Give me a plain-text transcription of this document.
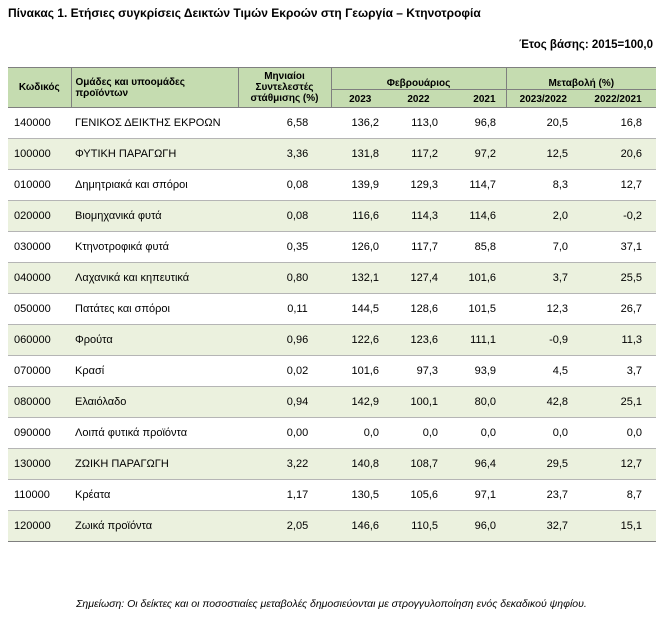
Πίνακας 1. Ετήσιες συγκρίσεις Δεικτών Τιμών Εκροών στη Γεωργία – Κτηνοτροφία
Έτος βάσης: 2015=100,0
Κωδικός	Ομάδες και υποομάδες προϊόντων	Μηνιαίοι Συντελεστές στάθμισης (%)	Φεβρουάριος			Μεταβολή (%)	
			2023	2022	2021	2023/2022	2022/2021
140000	ΓΕΝΙΚΟΣ ΔΕΙΚΤΗΣ ΕΚΡΟΩΝ	6,58	136,2	113,0	96,8	20,5	16,8
100000	ΦΥΤΙΚΗ ΠΑΡΑΓΩΓΗ	3,36	131,8	117,2	97,2	12,5	20,6
010000	Δημητριακά και σπόροι	0,08	139,9	129,3	114,7	8,3	12,7
020000	Βιομηχανικά φυτά	0,08	116,6	114,3	114,6	2,0	-0,2
030000	Κτηνοτροφικά φυτά	0,35	126,0	117,7	85,8	7,0	37,1
040000	Λαχανικά και κηπευτικά	0,80	132,1	127,4	101,6	3,7	25,5
050000	Πατάτες και σπόροι	0,11	144,5	128,6	101,5	12,3	26,7
060000	Φρούτα	0,96	122,6	123,6	111,1	-0,9	11,3
070000	Κρασί	0,02	101,6	97,3	93,9	4,5	3,7
080000	Ελαιόλαδο	0,94	142,9	100,1	80,0	42,8	25,1
090000	Λοιπά φυτικά προϊόντα	0,00	0,0	0,0	0,0	0,0	0,0
130000	ΖΩΙΚΗ ΠΑΡΑΓΩΓΗ	3,22	140,8	108,7	96,4	29,5	12,7
110000	Κρέατα	1,17	130,5	105,6	97,1	23,7	8,7
120000	Ζωικά προϊόντα	2,05	146,6	110,5	96,0	32,7	15,1
Σημείωση: Οι δείκτες και οι ποσοστιαίες μεταβολές δημοσιεύονται με στρογγυλοποίηση ενός δεκαδικού ψηφίου.
